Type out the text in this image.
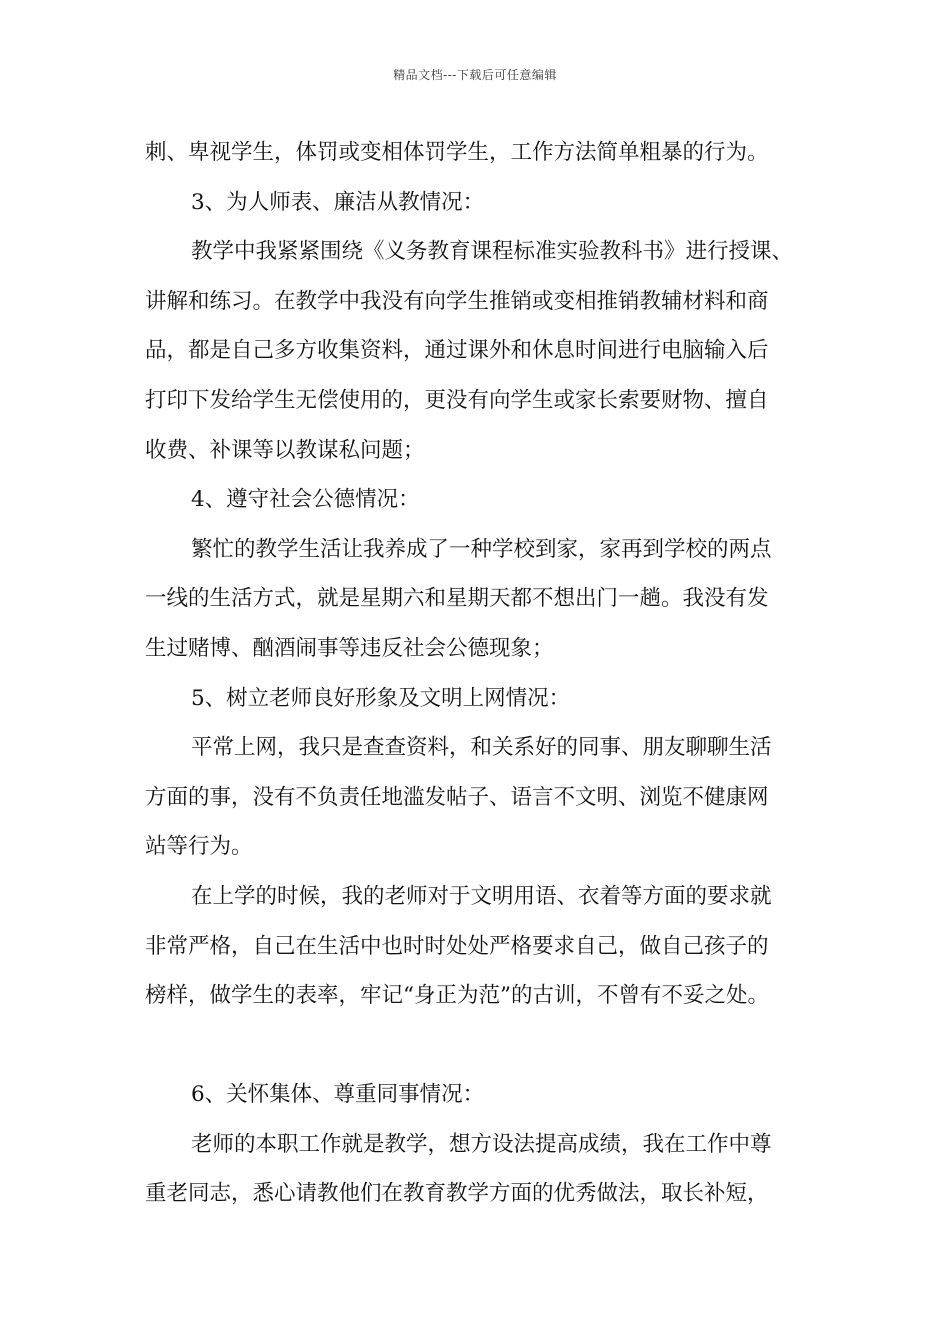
精品文档---下载后可任意编辑
刺、卑视学生，体罚或变相体罚学生，工作方法简单粗暴的行为。
3、为人师表、廉洁从教情况：
教学中我紧紧围绕《义务教育课程标准实验教科书》进行授课、
讲解和练习。在教学中我没有向学生推销或变相推销教辅材料和商
品，都是自己多方收集资料，通过课外和休息时间进行电脑输入后
打印下发给学生无偿使用的，更没有向学生或家长索要财物、擅自
收费、补课等以教谋私问题；
4、遵守社会公德情况：
繁忙的教学生活让我养成了一种学校到家，家再到学校的两点
一线的生活方式，就是星期六和星期天都不想出门一趟。我没有发
生过赌博、酗酒闹事等违反社会公德现象；
5、树立老师良好形象及文明上网情况：
平常上网，我只是查查资料，和关系好的同事、朋友聊聊生活
方面的事，没有不负责任地滥发帖子、语言不文明、浏览不健康网
站等行为。
在上学的时候，我的老师对于文明用语、衣着等方面的要求就
非常严格，自己在生活中也时时处处严格要求自己，做自己孩子的
榜样，做学生的表率，牢记“身正为范”的古训，不曾有不妥之处。
6、关怀集体、尊重同事情况：
老师的本职工作就是教学，想方设法提高成绩，我在工作中尊
重老同志，悉心请教他们在教育教学方面的优秀做法，取长补短，
